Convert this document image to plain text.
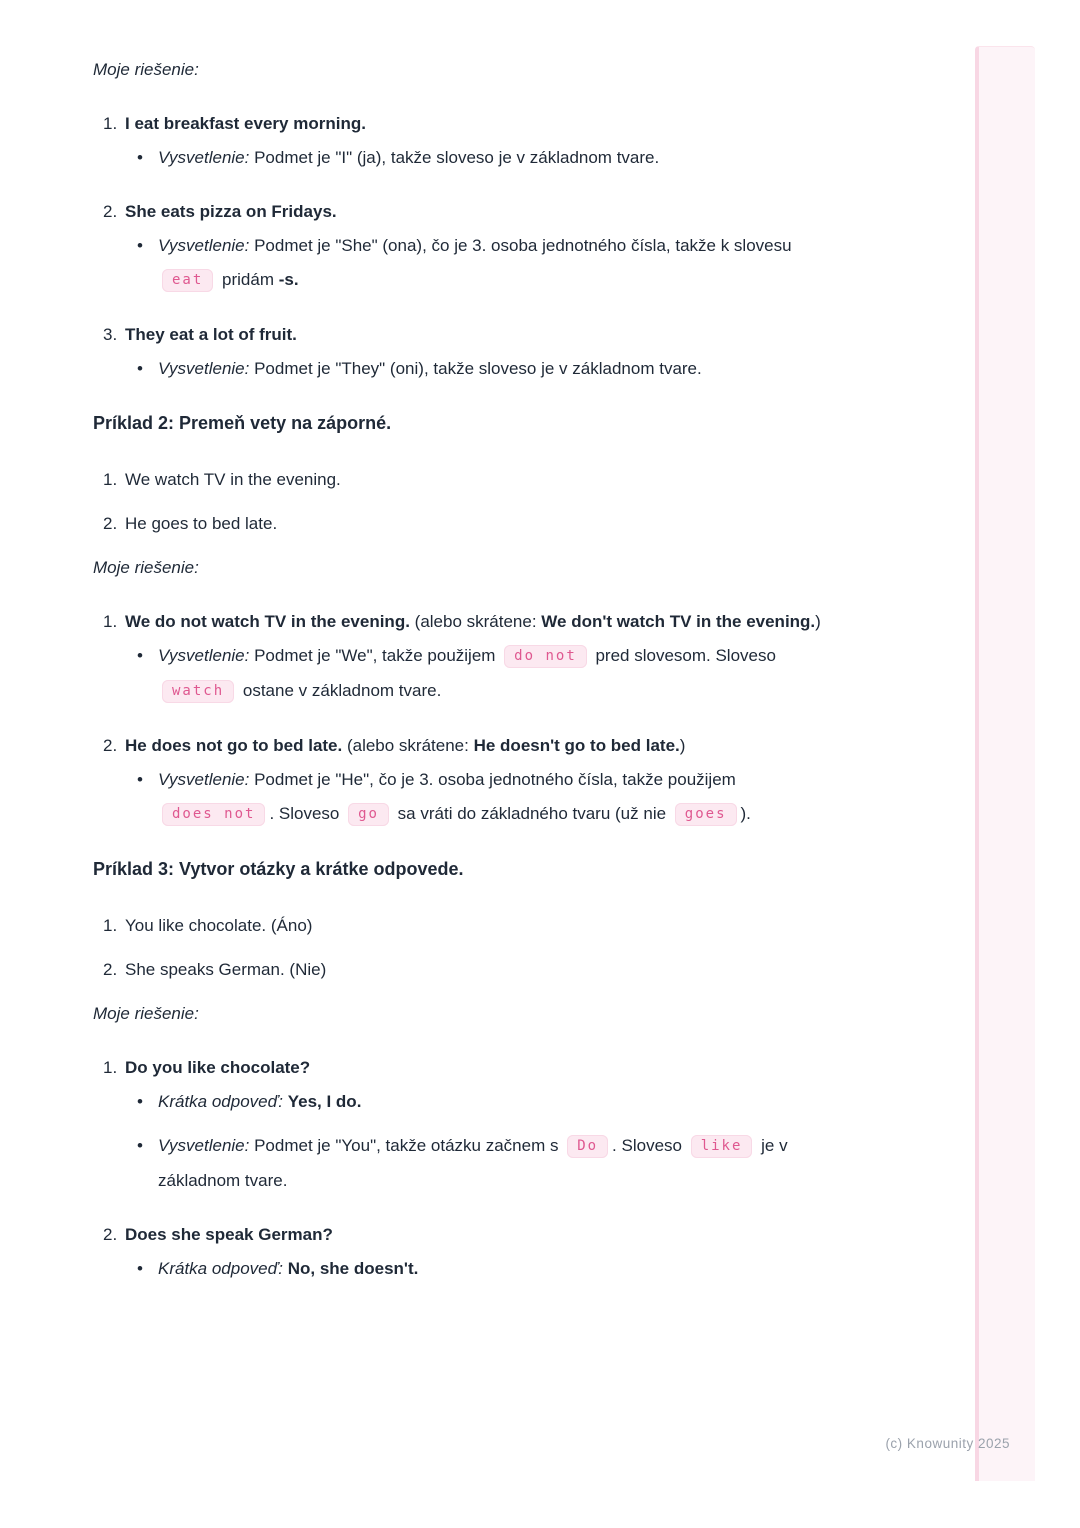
Moje riešenie:

1. I eat breakfast every morning.
• Vysvetlenie: Podmet je "I" (ja), takže sloveso je v základnom tvare.
2. She eats pizza on Fridays.
• Vysvetlenie: Podmet je "She" (ona), čo je 3. osoba jednotného čísla, takže k slovesu eat pridám -s.
3. They eat a lot of fruit.
• Vysvetlenie: Podmet je "They" (oni), takže sloveso je v základnom tvare.

Príklad 2: Premeň vety na záporné.

1. We watch TV in the evening.
2. He goes to bed late.

Moje riešenie:

1. We do not watch TV in the evening. (alebo skrátene: We don't watch TV in the evening.)
• Vysvetlenie: Podmet je "We", takže použijem do not pred slovesom. Sloveso watch ostane v základnom tvare.
2. He does not go to bed late. (alebo skrátene: He doesn't go to bed late.)
• Vysvetlenie: Podmet je "He", čo je 3. osoba jednotného čísla, takže použijem does not . Sloveso go sa vráti do základného tvaru (už nie goes ).

Príklad 3: Vytvor otázky a krátke odpovede.

1. You like chocolate. (Áno)
2. She speaks German. (Nie)

Moje riešenie:

1. Do you like chocolate?
• Krátka odpoveď: Yes, I do.
• Vysvetlenie: Podmet je "You", takže otázku začnem s Do . Sloveso like je v základnom tvare.
2. Does she speak German?
• Krátka odpoveď: No, she doesn't.
(c) Knowunity 2025
